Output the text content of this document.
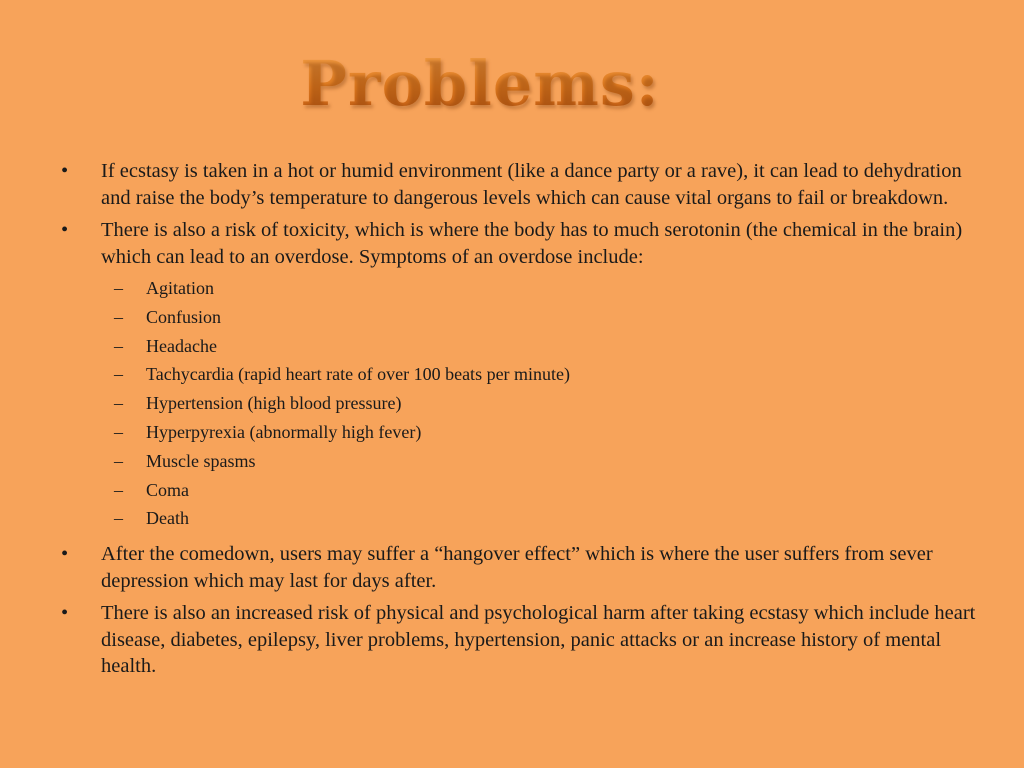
Problems:
• If ecstasy is taken in a hot or humid environment (like a dance party or a rave), it can lead to dehydration and raise the body’s temperature to dangerous levels which can cause vital organs to fail or breakdown.
• There is also a risk of toxicity, which is where the body has to much serotonin (the chemical in the brain) which can lead to an overdose. Symptoms of an overdose include:
– Agitation
– Confusion
– Headache
– Tachycardia (rapid heart rate of over 100 beats per minute)
– Hypertension (high blood pressure)
– Hyperpyrexia (abnormally high fever)
– Muscle spasms
– Coma
– Death
• After the comedown, users may suffer a “hangover effect” which is where the user suffers from sever depression which may last for days after.
• There is also an increased risk of physical and psychological harm after taking ecstasy which include heart disease, diabetes, epilepsy, liver problems, hypertension, panic attacks or an increase history of mental health.
